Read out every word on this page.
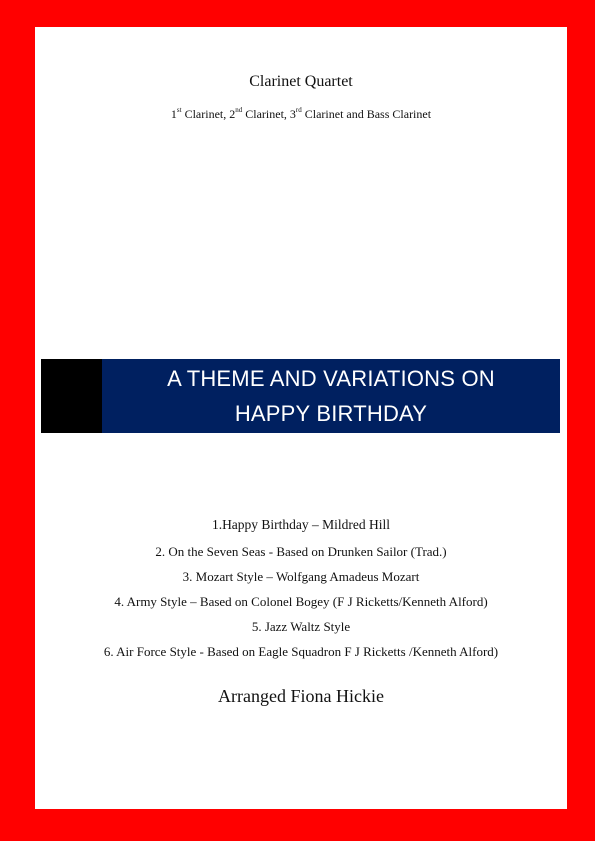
Clarinet Quartet
1st Clarinet, 2nd Clarinet, 3rd Clarinet and Bass Clarinet
A THEME AND VARIATIONS ON
HAPPY BIRTHDAY
1.Happy Birthday – Mildred Hill
2. On the Seven Seas - Based on Drunken Sailor (Trad.)
3. Mozart Style – Wolfgang Amadeus Mozart
4. Army Style – Based on Colonel Bogey (F J Ricketts/Kenneth Alford)
5. Jazz Waltz Style
6. Air Force Style - Based on Eagle Squadron F J Ricketts /Kenneth Alford)
Arranged Fiona Hickie
